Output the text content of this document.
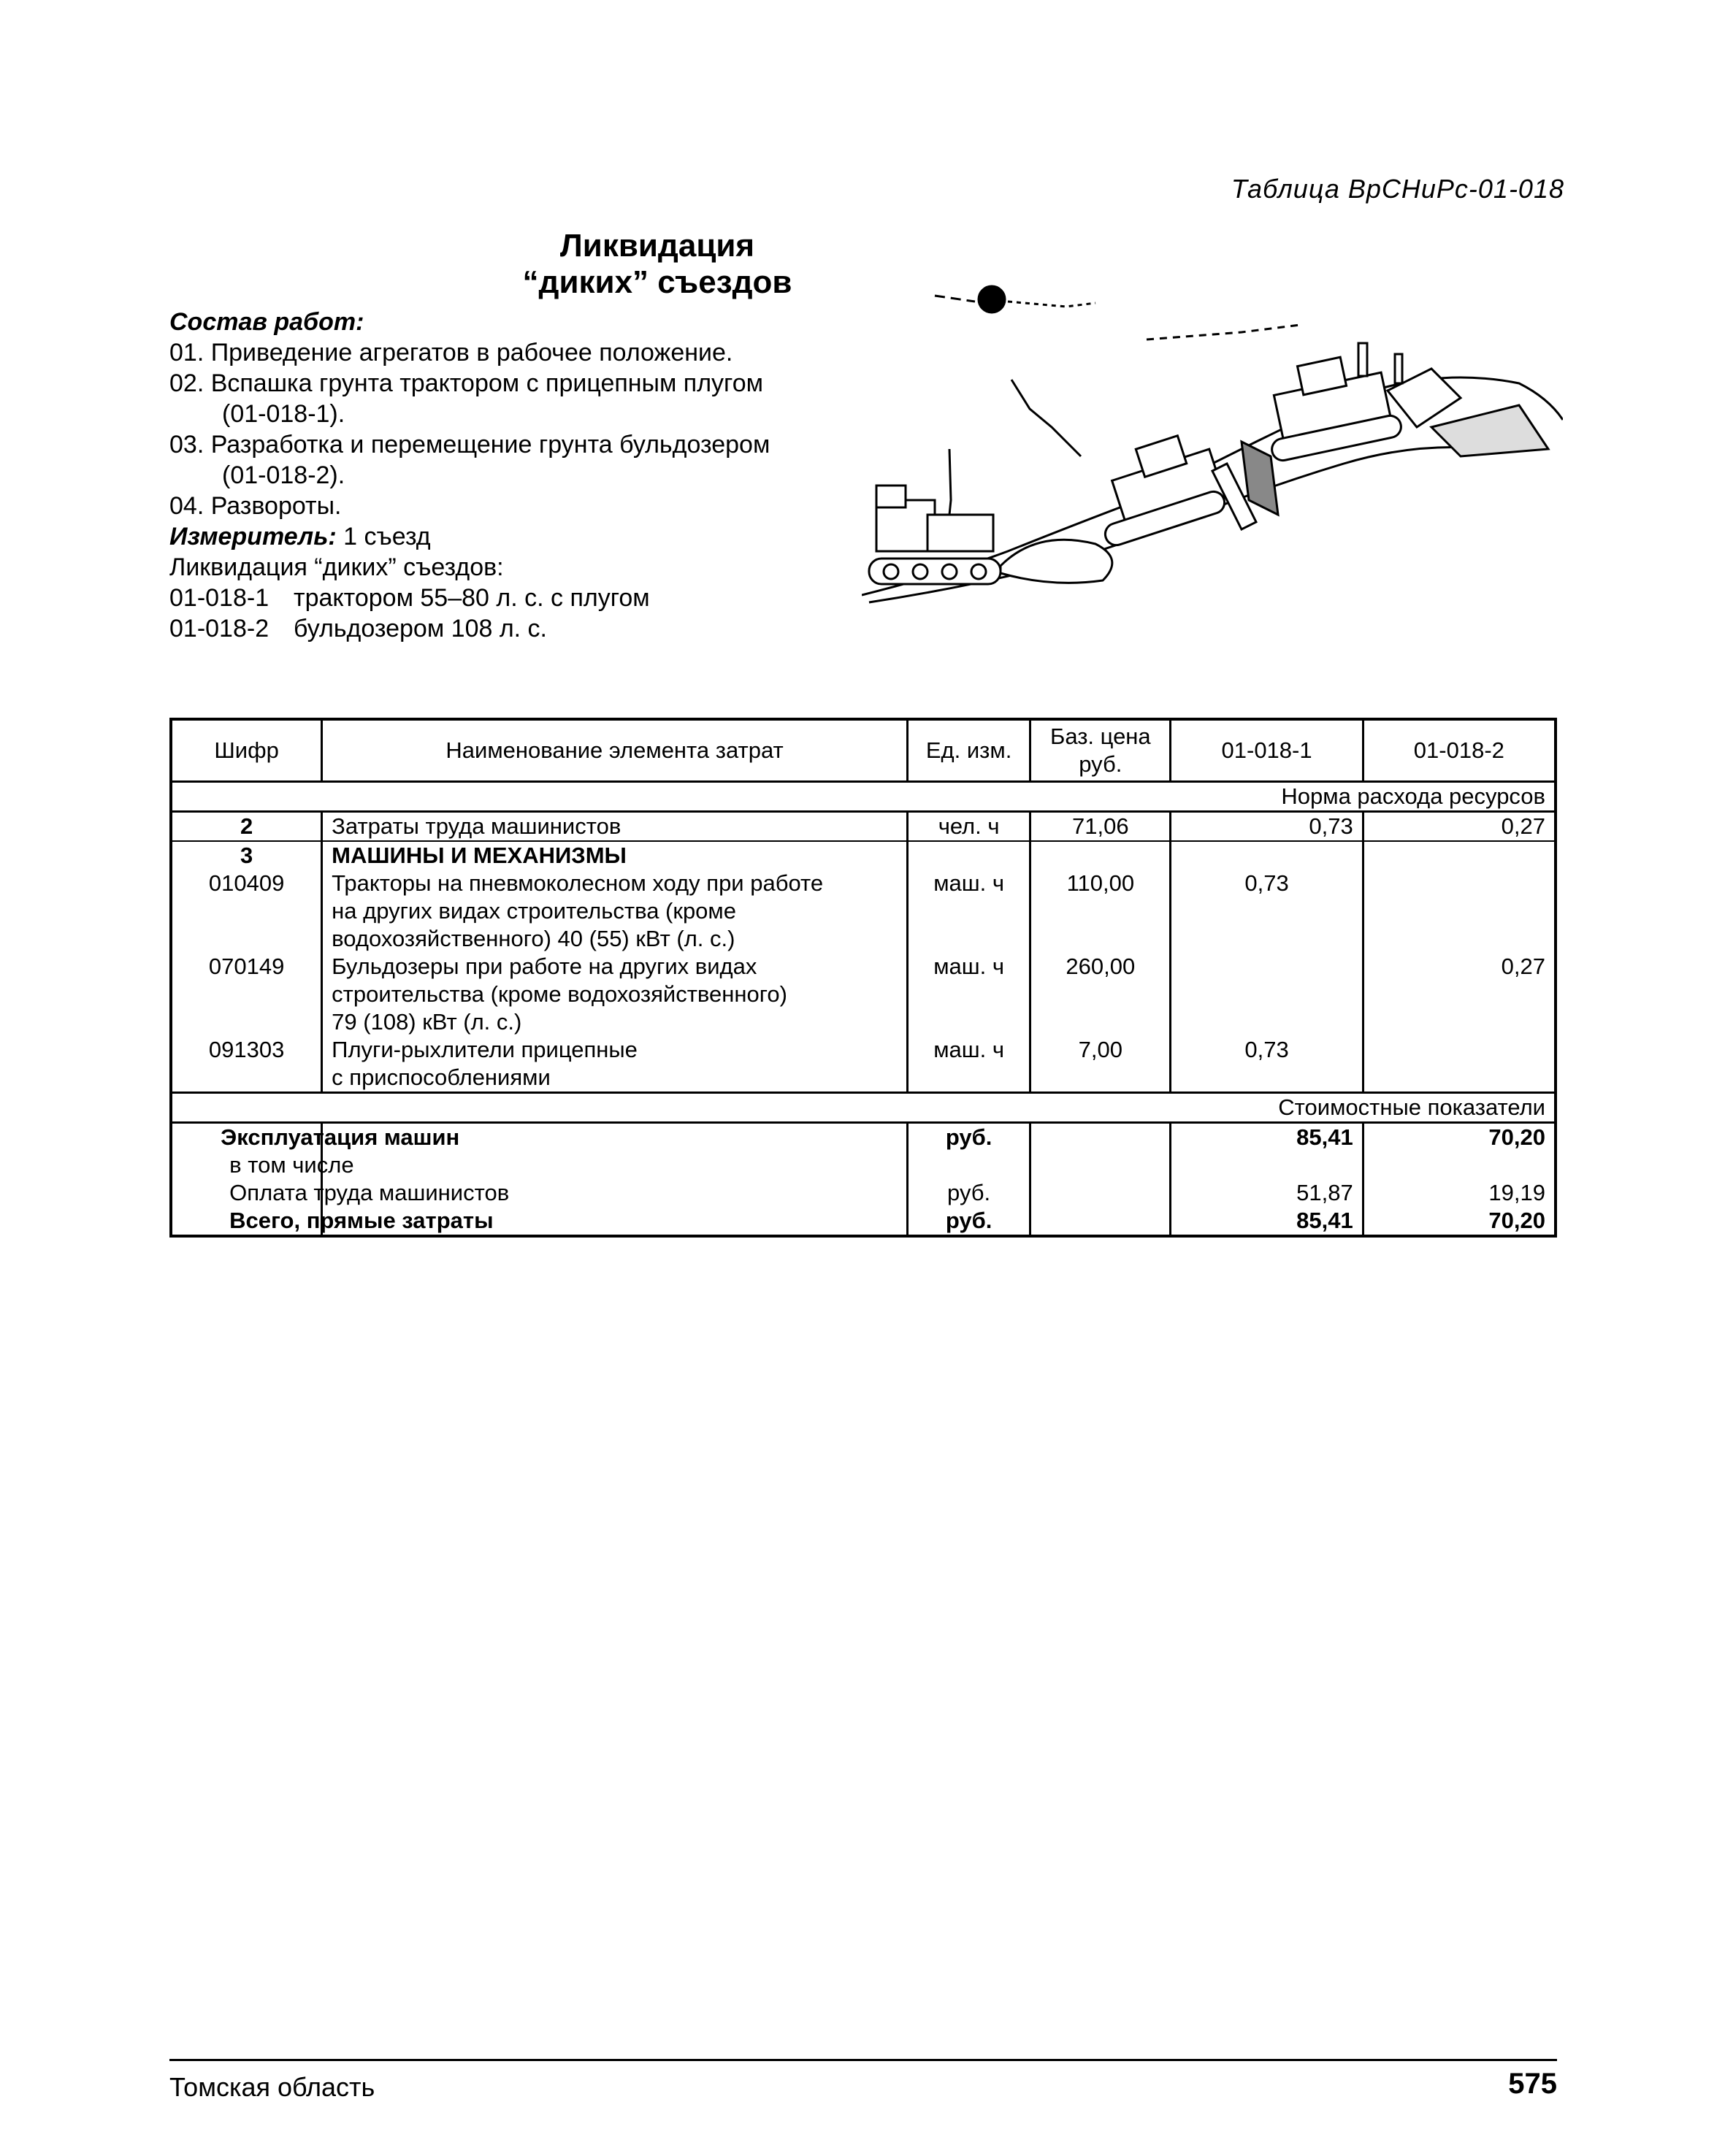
Таблица ВрСНиРс-01-018
Ликвидация
“диких” съездов
Состав работ:
01. Приведение агрегатов в рабочее положение.
02. Вспашка грунта трактором с прицепным плугом
(01-018-1).
03. Разработка и перемещение грунта бульдозером
(01-018-2).
04. Развороты.
Измеритель: 1 съезд
Ликвидация “диких” съездов:
01-018-1 трактором 55–80 л. с. с плугом
01-018-2 бульдозером 108 л. с.
Шифр	Наименование элемента затрат	Ед. изм.	Баз. цена руб.	01-018-1	01-018-2
Норма расхода ресурсов
2	Затраты труда машинистов	чел. ч	71,06	0,73	0,27
3	МАШИНЫ И МЕХАНИЗМЫ				
010409	Тракторы на пневмоколесном ходу при работе
на других видах строительства (кроме
водохозяйственного) 40 (55) кВт (л. с.)	маш. ч	110,00	0,73	
070149	Бульдозеры при работе на других видах
строительства (кроме водохозяйственного)
79 (108) кВт (л. с.)	маш. ч	260,00		0,27
091303	Плуги-рыхлители прицепные
с приспособлениями	маш. ч	7,00	0,73	
Стоимостные показатели
	Эксплуатация машин	руб.		85,41	70,20
	в том числе				
	Оплата труда машинистов	руб.		51,87	19,19
	Всего, прямые затраты	руб.		85,41	70,20
Томская область	575
